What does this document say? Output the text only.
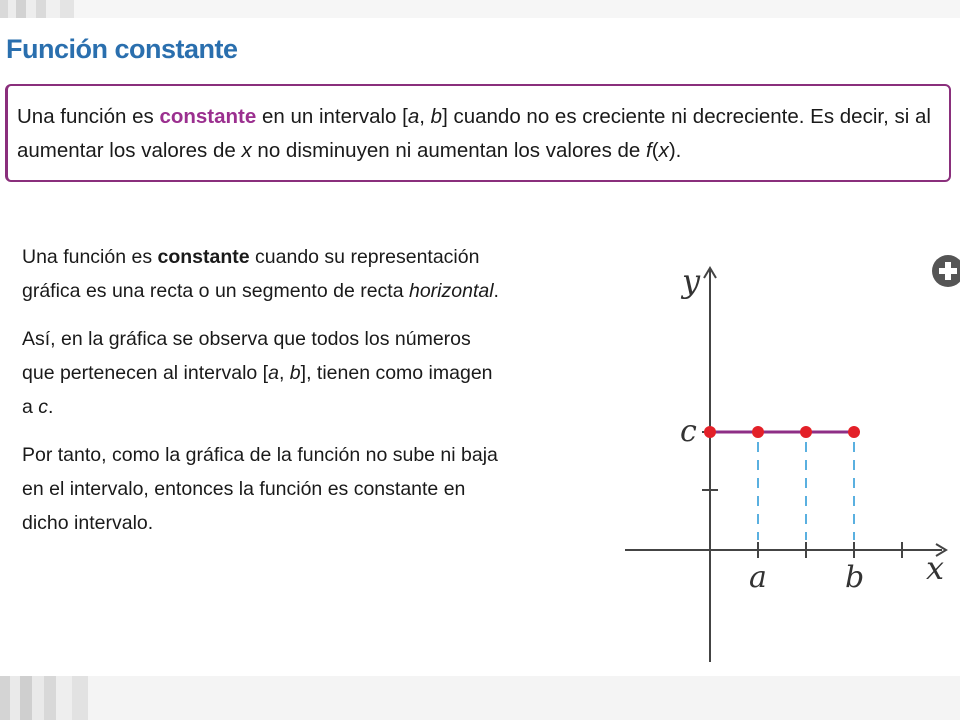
Función constante
Una función es constante en un intervalo [a, b] cuando no es creciente ni decreciente. Es decir, si al aumentar los valores de x no disminuyen ni aumentan los valores de f(x).

Una función es constante cuando su representación gráfica es una recta o un segmento de recta horizontal.

Así, en la gráfica se observa que todos los números que pertenecen al intervalo [a, b], tienen como imagen a c.

Por tanto, como la gráfica de la función no sube ni baja en el intervalo, entonces la función es constante en dicho intervalo.

y
c
a	b x
